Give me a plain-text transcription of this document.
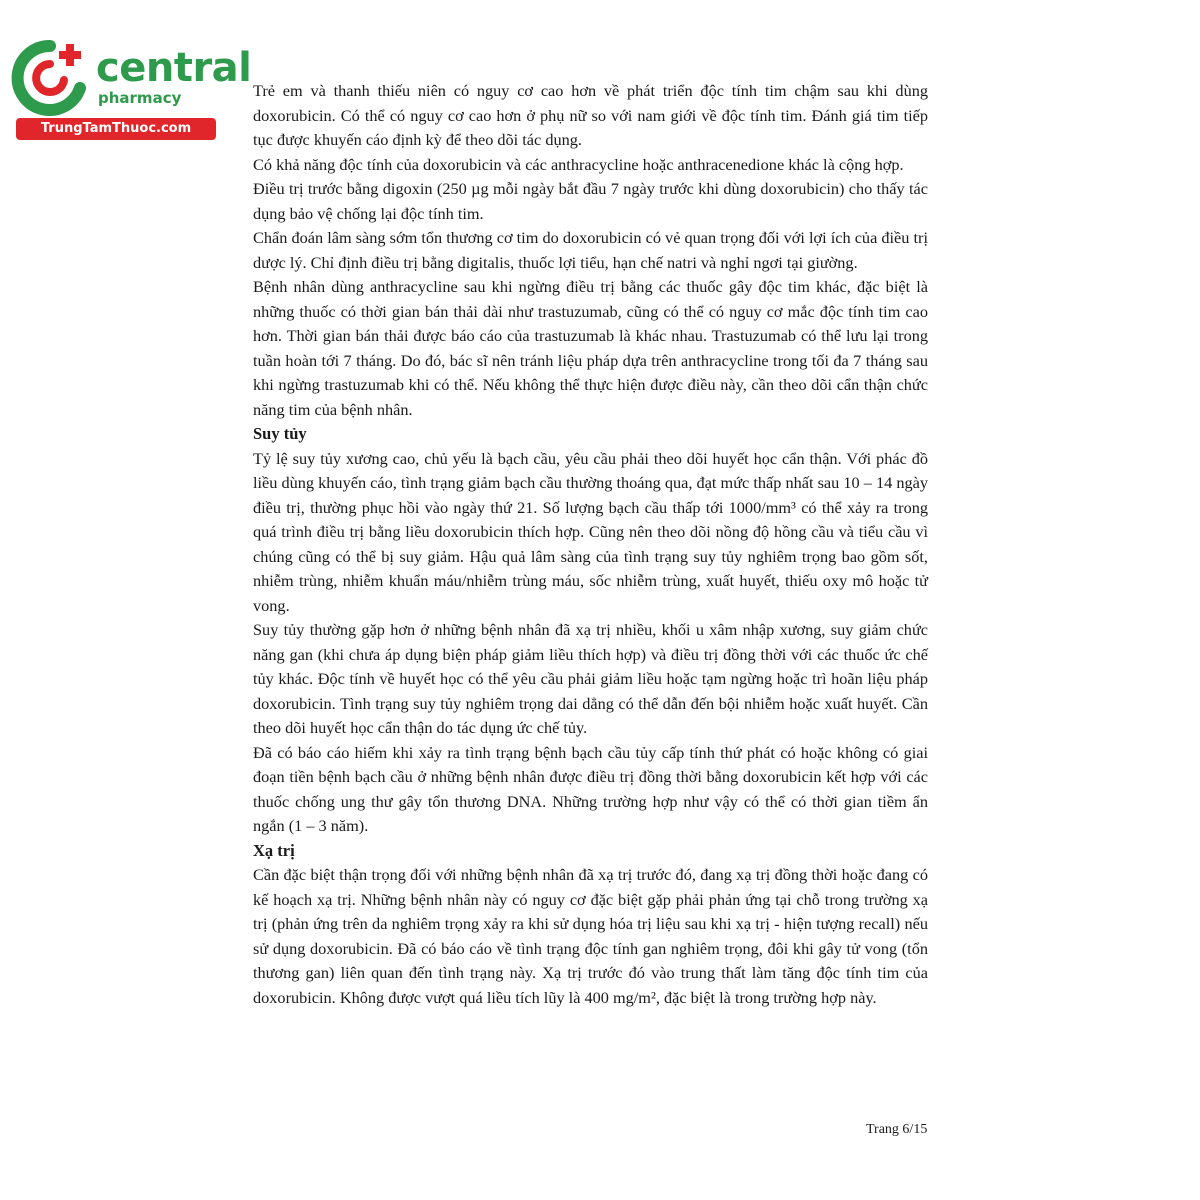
central
pharmacy
TrungTamThuoc.com

Trẻ em và thanh thiếu niên có nguy cơ cao hơn về phát triển độc tính tim chậm sau khi dùng doxorubicin. Có thể có nguy cơ cao hơn ở phụ nữ so với nam giới về độc tính tim. Đánh giá tim tiếp tục được khuyến cáo định kỳ để theo dõi tác dụng.

Có khả năng độc tính của doxorubicin và các anthracycline hoặc anthracenedione khác là cộng hợp.

Điều trị trước bằng digoxin (250 µg mỗi ngày bắt đầu 7 ngày trước khi dùng doxorubicin) cho thấy tác dụng bảo vệ chống lại độc tính tim.

Chẩn đoán lâm sàng sớm tổn thương cơ tim do doxorubicin có vẻ quan trọng đối với lợi ích của điều trị dược lý. Chỉ định điều trị bằng digitalis, thuốc lợi tiểu, hạn chế natri và nghỉ ngơi tại giường.

Bệnh nhân dùng anthracycline sau khi ngừng điều trị bằng các thuốc gây độc tim khác, đặc biệt là những thuốc có thời gian bán thải dài như trastuzumab, cũng có thể có nguy cơ mắc độc tính tim cao hơn. Thời gian bán thải được báo cáo của trastuzumab là khác nhau. Trastuzumab có thể lưu lại trong tuần hoàn tới 7 tháng. Do đó, bác sĩ nên tránh liệu pháp dựa trên anthracycline trong tối đa 7 tháng sau khi ngừng trastuzumab khi có thể. Nếu không thể thực hiện được điều này, cần theo dõi cẩn thận chức năng tim của bệnh nhân.

Suy tủy

Tỷ lệ suy tủy xương cao, chủ yếu là bạch cầu, yêu cầu phải theo dõi huyết học cẩn thận. Với phác đồ liều dùng khuyến cáo, tình trạng giảm bạch cầu thường thoáng qua, đạt mức thấp nhất sau 10 – 14 ngày điều trị, thường phục hồi vào ngày thứ 21. Số lượng bạch cầu thấp tới 1000/mm³ có thể xảy ra trong quá trình điều trị bằng liều doxorubicin thích hợp. Cũng nên theo dõi nồng độ hồng cầu và tiểu cầu vì chúng cũng có thể bị suy giảm. Hậu quả lâm sàng của tình trạng suy tủy nghiêm trọng bao gồm sốt, nhiễm trùng, nhiễm khuẩn máu/nhiễm trùng máu, sốc nhiễm trùng, xuất huyết, thiếu oxy mô hoặc tử vong.

Suy tủy thường gặp hơn ở những bệnh nhân đã xạ trị nhiều, khối u xâm nhập xương, suy giảm chức năng gan (khi chưa áp dụng biện pháp giảm liều thích hợp) và điều trị đồng thời với các thuốc ức chế tủy khác. Độc tính về huyết học có thể yêu cầu phải giảm liều hoặc tạm ngừng hoặc trì hoãn liệu pháp doxorubicin. Tình trạng suy tủy nghiêm trọng dai dẳng có thể dẫn đến bội nhiễm hoặc xuất huyết. Cần theo dõi huyết học cẩn thận do tác dụng ức chế tủy.

Đã có báo cáo hiếm khi xảy ra tình trạng bệnh bạch cầu tủy cấp tính thứ phát có hoặc không có giai đoạn tiền bệnh bạch cầu ở những bệnh nhân được điều trị đồng thời bằng doxorubicin kết hợp với các thuốc chống ung thư gây tổn thương DNA. Những trường hợp như vậy có thể có thời gian tiềm ẩn ngắn (1 – 3 năm).

Xạ trị

Cần đặc biệt thận trọng đối với những bệnh nhân đã xạ trị trước đó, đang xạ trị đồng thời hoặc đang có kế hoạch xạ trị. Những bệnh nhân này có nguy cơ đặc biệt gặp phải phản ứng tại chỗ trong trường xạ trị (phản ứng trên da nghiêm trọng xảy ra khi sử dụng hóa trị liệu sau khi xạ trị - hiện tượng recall) nếu sử dụng doxorubicin. Đã có báo cáo về tình trạng độc tính gan nghiêm trọng, đôi khi gây tử vong (tổn thương gan) liên quan đến tình trạng này. Xạ trị trước đó vào trung thất làm tăng độc tính tim của doxorubicin. Không được vượt quá liều tích lũy là 400 mg/m², đặc biệt là trong trường hợp này.

Trang 6/15
